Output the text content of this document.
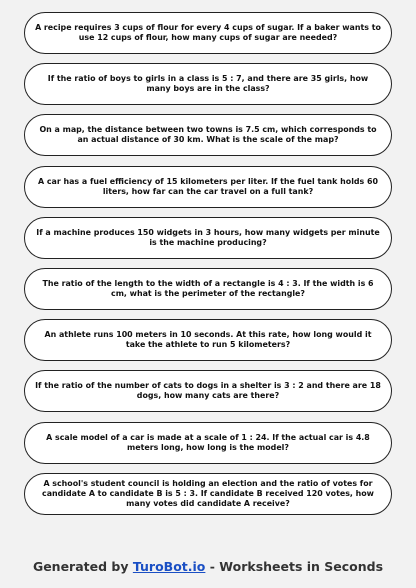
A recipe requires 3 cups of flour for every 4 cups of sugar. If a baker wants to use 12 cups of flour, how many cups of sugar are needed?
If the ratio of boys to girls in a class is 5 : 7, and there are 35 girls, how many boys are in the class?
On a map, the distance between two towns is 7.5 cm, which corresponds to an actual distance of 30 km. What is the scale of the map?
A car has a fuel efficiency of 15 kilometers per liter. If the fuel tank holds 60 liters, how far can the car travel on a full tank?
If a machine produces 150 widgets in 3 hours, how many widgets per minute is the machine producing?
The ratio of the length to the width of a rectangle is 4 : 3. If the width is 6 cm, what is the perimeter of the rectangle?
An athlete runs 100 meters in 10 seconds. At this rate, how long would it take the athlete to run 5 kilometers?
If the ratio of the number of cats to dogs in a shelter is 3 : 2 and there are 18 dogs, how many cats are there?
A scale model of a car is made at a scale of 1 : 24. If the actual car is 4.8 meters long, how long is the model?
A school's student council is holding an election and the ratio of votes for candidate A to candidate B is 5 : 3. If candidate B received 120 votes, how many votes did candidate A receive?
Generated by TuroBot.io - Worksheets in Seconds
